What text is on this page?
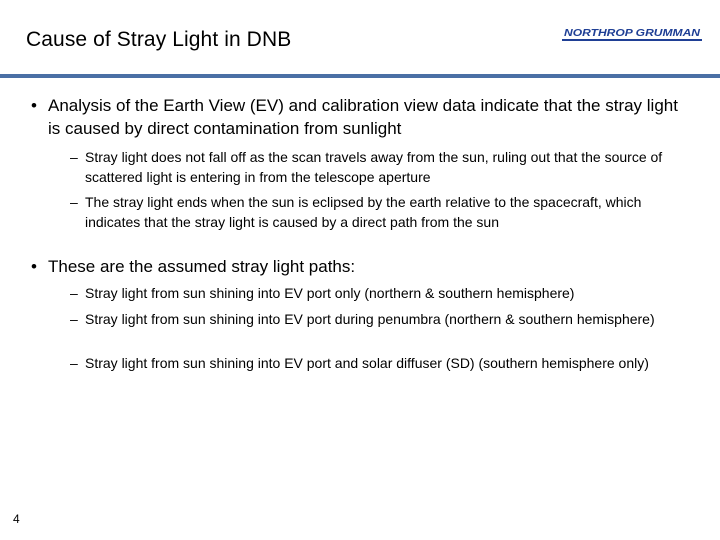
Cause of Stray Light in DNB	NORTHROP GRUMMAN
• Analysis of the Earth View (EV) and calibration view data indicate that the stray light is caused by direct contamination from sunlight
– Stray light does not fall off as the scan travels away from the sun, ruling out that the source of scattered light is entering in from the telescope aperture
– The stray light ends when the sun is eclipsed by the earth relative to the spacecraft, which indicates that the stray light is caused by a direct path from the sun
• These are the assumed stray light paths:
– Stray light from sun shining into EV port only (northern & southern hemisphere)
– Stray light from sun shining into EV port during penumbra (northern & southern hemisphere)
– Stray light from sun shining into EV port and solar diffuser (SD) (southern hemisphere only)
4
